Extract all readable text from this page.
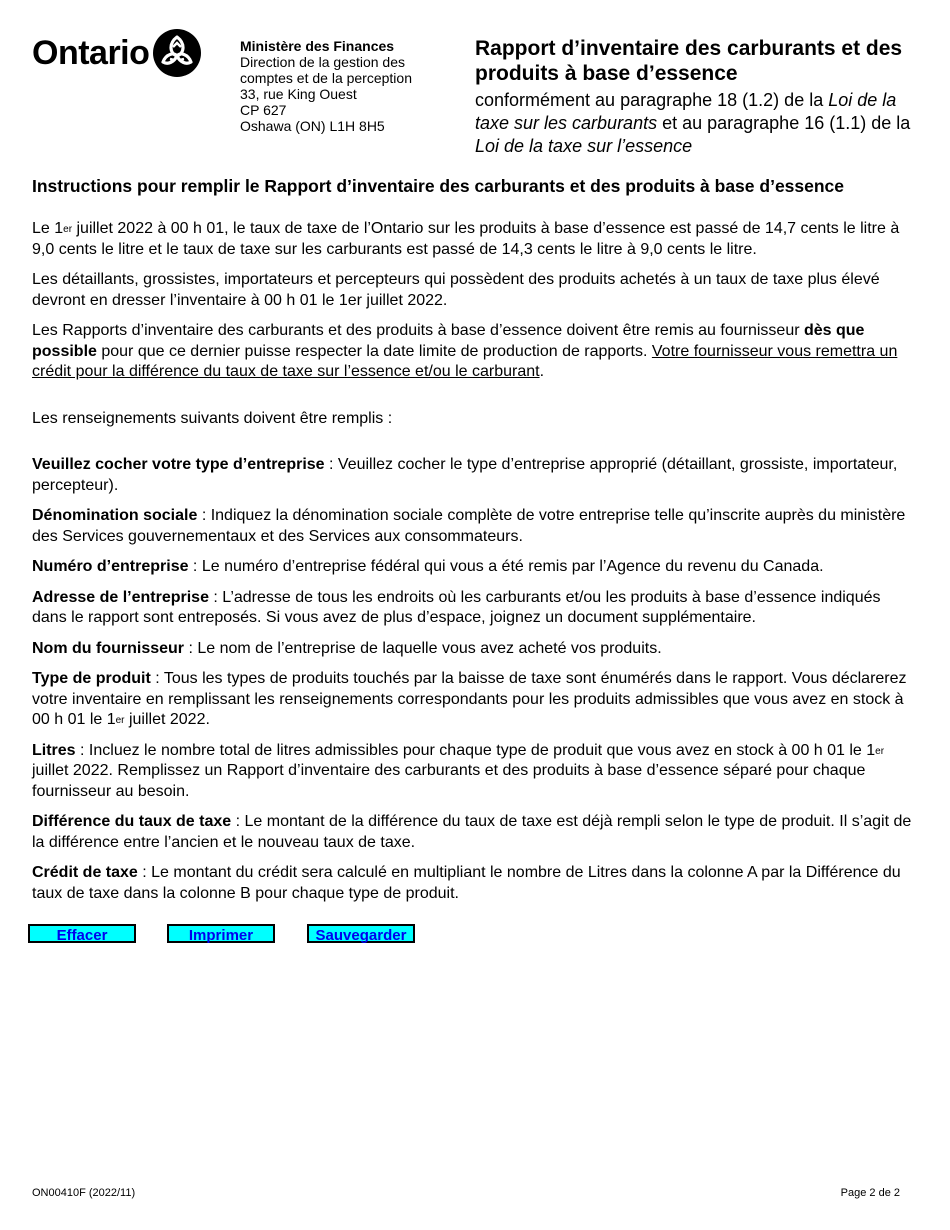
Ontario	Ministère des Finances
Direction de la gestion des
comptes et de la perception
33, rue King Ouest
CP 627
Oshawa (ON) L1H 8H5
Rapport d’inventaire des carburants et des produits à base d’essence
conformément au paragraphe 18 (1.2) de la Loi de la taxe sur les carburants et au paragraphe 16 (1.1) de la Loi de la taxe sur l’essence
Instructions pour remplir le Rapport d’inventaire des carburants et des produits à base d’essence

Le 1er juillet 2022 à 00 h 01, le taux de taxe de l’Ontario sur les produits à base d’essence est passé de 14,7 cents le litre à 9,0 cents le litre et le taux de taxe sur les carburants est passé de 14,3 cents le litre à 9,0 cents le litre.

Les détaillants, grossistes, importateurs et percepteurs qui possèdent des produits achetés à un taux de taxe plus élevé devront en dresser l’inventaire à 00 h 01 le 1er juillet 2022.

Les Rapports d’inventaire des carburants et des produits à base d’essence doivent être remis au fournisseur dès que possible pour que ce dernier puisse respecter la date limite de production de rapports. Votre fournisseur vous remettra un crédit pour la différence du taux de taxe sur l’essence et/ou le carburant.

Les renseignements suivants doivent être remplis :

Veuillez cocher votre type d’entreprise : Veuillez cocher le type d’entreprise approprié (détaillant, grossiste, importateur, percepteur).

Dénomination sociale : Indiquez la dénomination sociale complète de votre entreprise telle qu’inscrite auprès du ministère des Services gouvernementaux et des Services aux consommateurs.

Numéro d’entreprise : Le numéro d’entreprise fédéral qui vous a été remis par l’Agence du revenu du Canada.

Adresse de l’entreprise : L’adresse de tous les endroits où les carburants et/ou les produits à base d’essence indiqués dans le rapport sont entreposés. Si vous avez de plus d’espace, joignez un document supplémentaire.

Nom du fournisseur : Le nom de l’entreprise de laquelle vous avez acheté vos produits.

Type de produit : Tous les types de produits touchés par la baisse de taxe sont énumérés dans le rapport. Vous déclarerez votre inventaire en remplissant les renseignements correspondants pour les produits admissibles que vous avez en stock à 00 h 01 le 1er juillet 2022.

Litres : Incluez le nombre total de litres admissibles pour chaque type de produit que vous avez en stock à 00 h 01 le 1er juillet 2022. Remplissez un Rapport d’inventaire des carburants et des produits à base d’essence séparé pour chaque fournisseur au besoin.

Différence du taux de taxe : Le montant de la différence du taux de taxe est déjà rempli selon le type de produit. Il s’agit de la différence entre l’ancien et le nouveau taux de taxe.

Crédit de taxe : Le montant du crédit sera calculé en multipliant le nombre de Litres dans la colonne A par la Différence du taux de taxe dans la colonne B pour chaque type de produit.

Effacer	Imprimer	Sauvegarder
ON00410F (2022/11)	Page 2 de 2
